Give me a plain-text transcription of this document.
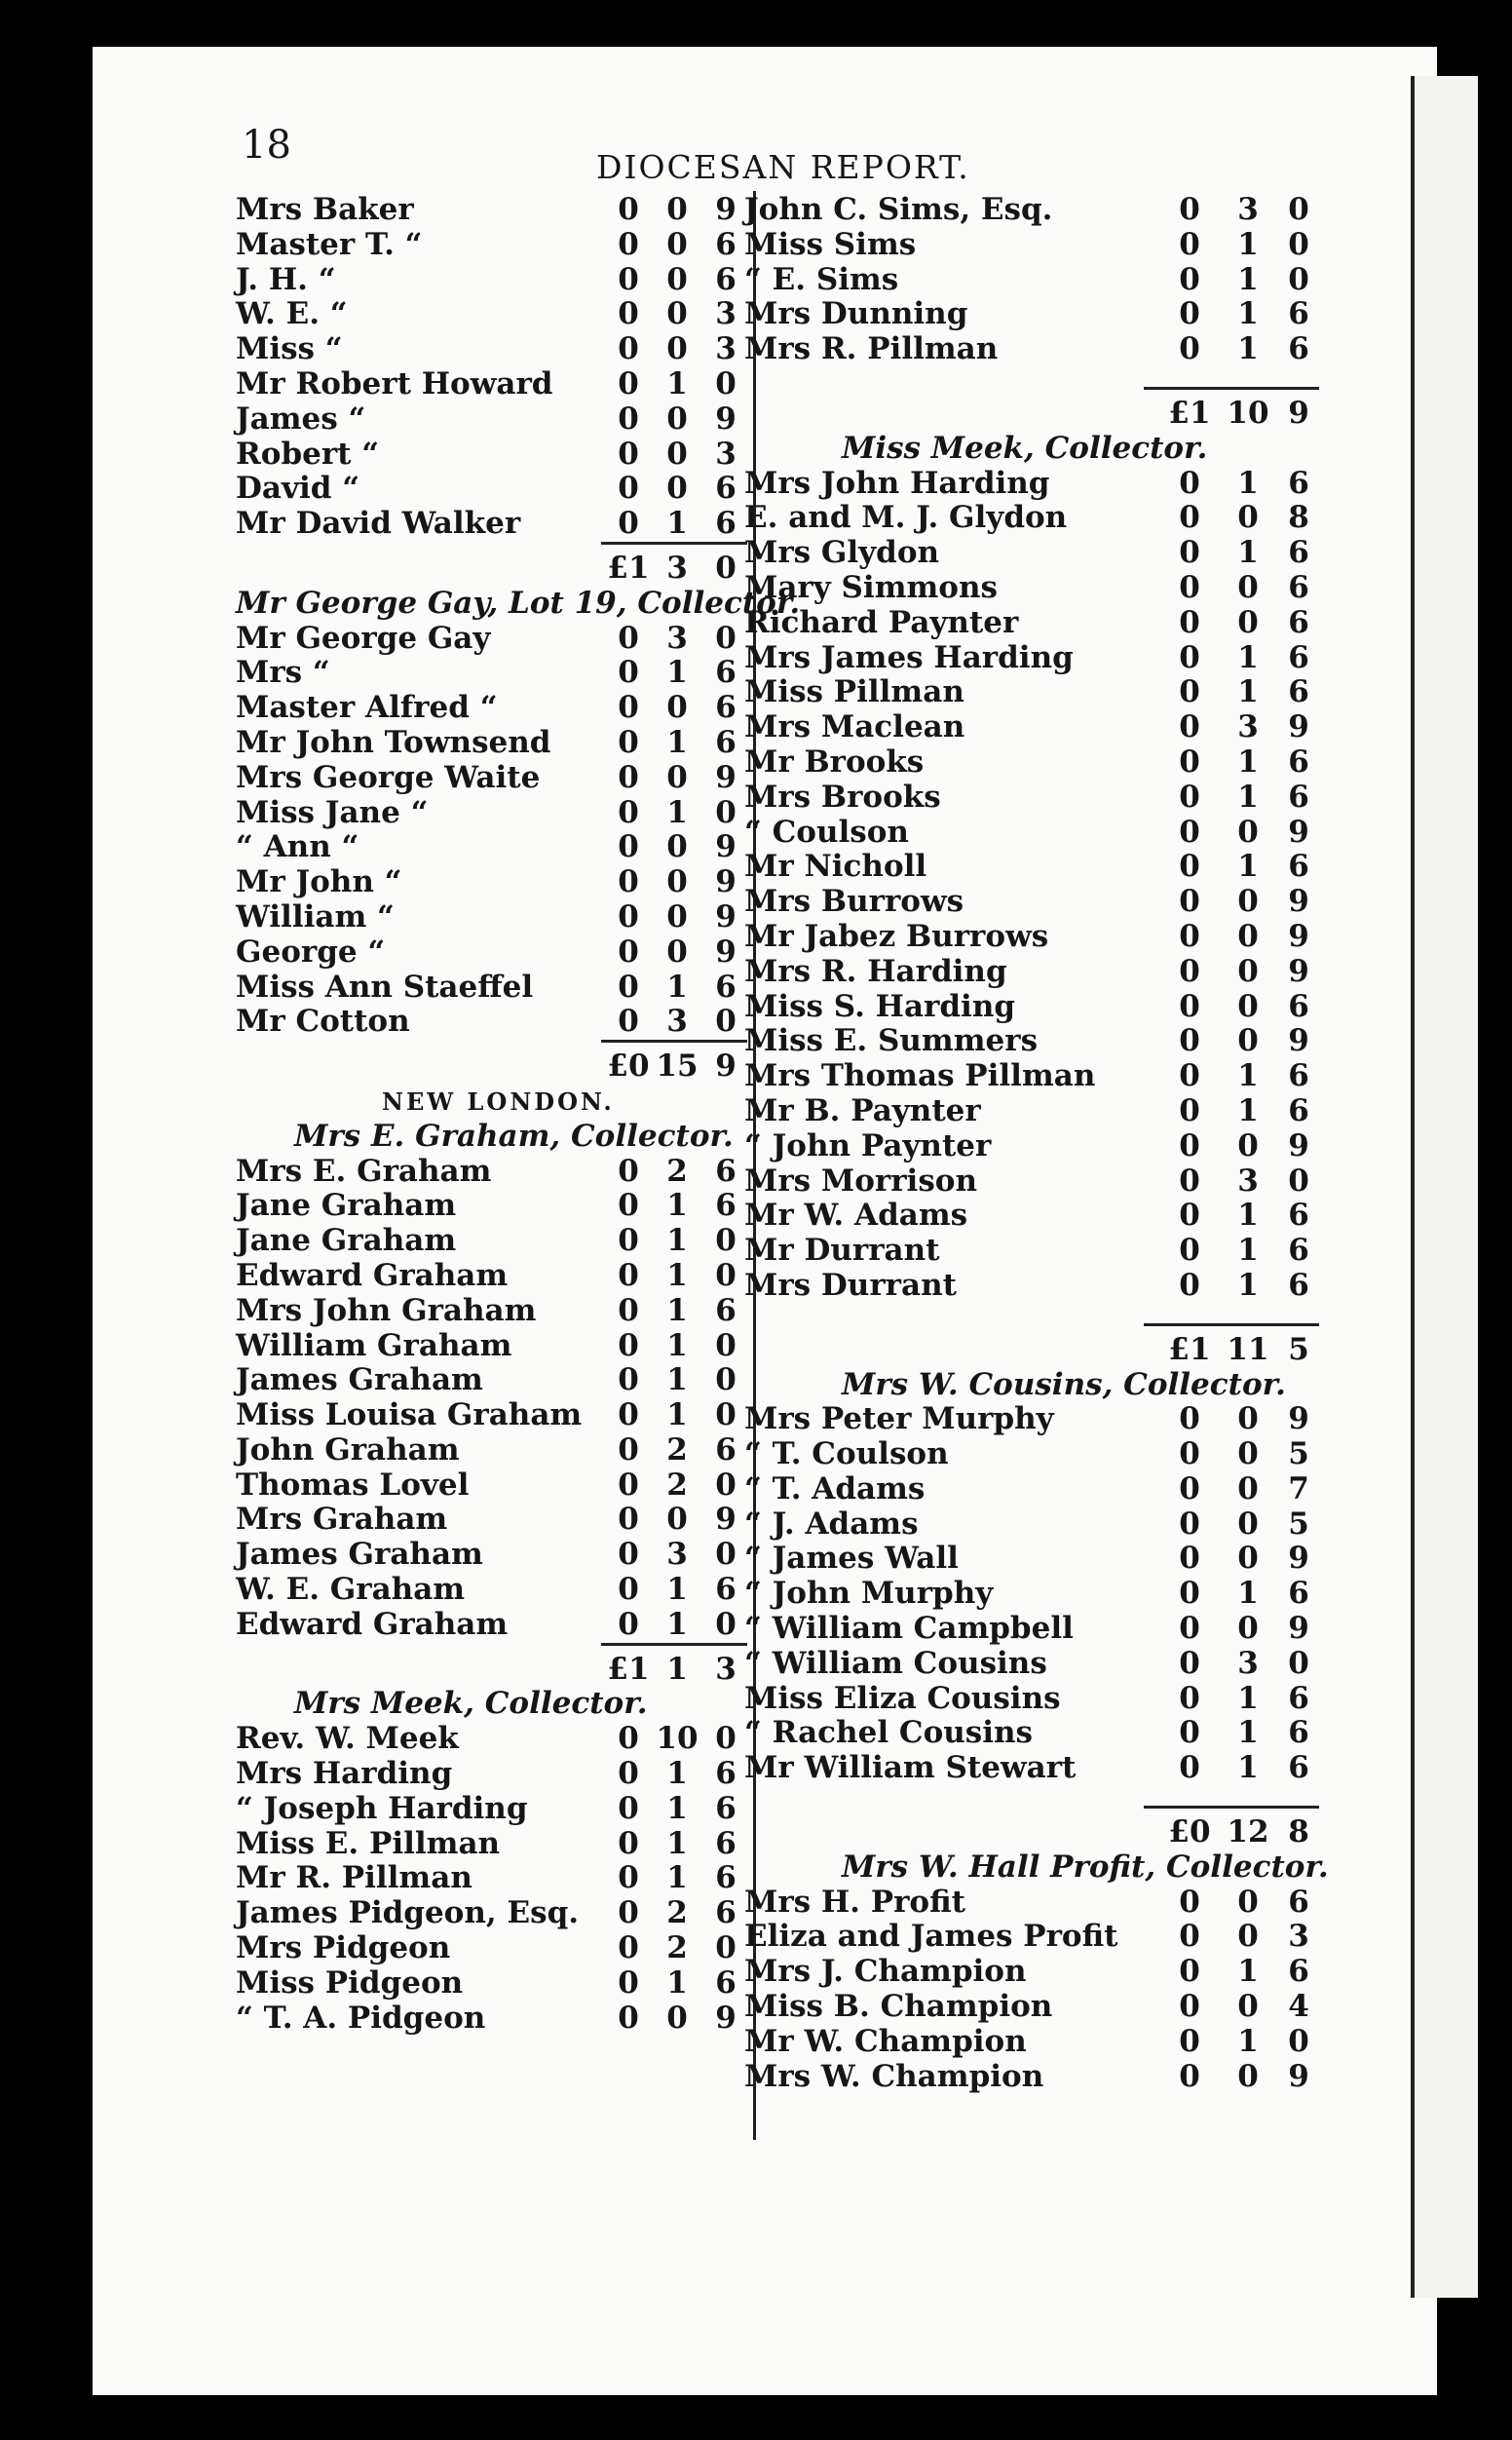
18	DIOCESAN REPORT.
Mrs Baker	0 0 9
Master T. “	0 0 6
J. H. “	0 0 6
W. E. “	0 0 3
Miss “	0 0 3
Mr Robert Howard	0 1 0
James “	0 0 9
Robert “	0 0 3
David “	0 0 6
Mr David Walker	0 1 6
£1 3 0
Mr George Gay, Lot 19, Collector.
Mr George Gay	0 3 0
Mrs “	0 1 6
Master Alfred “	0 0 6
Mr John Townsend	0 1 6
Mrs George Waite	0 0 9
Miss Jane “	0 1 0
“ Ann “	0 0 9
Mr John “	0 0 9
William “	0 0 9
George “	0 0 9
Miss Ann Staeffel	0 1 6
Mr Cotton	0 3 0
£0 15 9
NEW LONDON.
Mrs E. Graham, Collector.
Mrs E. Graham	0 2 6
Jane Graham	0 1 6
Jane Graham	0 1 0
Edward Graham	0 1 0
Mrs John Graham	0 1 6
William Graham	0 1 0
James Graham	0 1 0
Miss Louisa Graham	0 1 0
John Graham	0 2 6
Thomas Lovel	0 2 0
Mrs Graham	0 0 9
James Graham	0 3 0
W. E. Graham	0 1 6
Edward Graham	0 1 0
£1 1 3
Mrs Meek, Collector.
Rev. W. Meek	0 10 0
Mrs Harding	0 1 6
“ Joseph Harding	0 1 6
Miss E. Pillman	0 1 6
Mr R. Pillman	0 1 6
James Pidgeon, Esq.	0 2 6
Mrs Pidgeon	0 2 0
Miss Pidgeon	0 1 6
“ T. A. Pidgeon	0 0 9
John C. Sims, Esq.	0	3 0
Miss Sims	0	1 0
“ E. Sims	0	1 0
Mrs Dunning	0	1 6
Mrs R. Pillman	0	1 6
£1 10 9
Miss Meek, Collector.
Mrs John Harding	0	1 6
E. and M. J. Glydon	0	0 8
Mrs Glydon	0	1 6
Mary Simmons	0	0 6
Richard Paynter	0	0 6
Mrs James Harding	0	1 6
Miss Pillman	0	1 6
Mrs Maclean	0	3 9
Mr Brooks	0	1 6
Mrs Brooks	0	1 6
“ Coulson	0	0 9
Mr Nicholl	0	1 6
Mrs Burrows	0	0 9
Mr Jabez Burrows	0	0 9
Mrs R. Harding	0	0 9
Miss S. Harding	0	0 6
Miss E. Summers	0	0 9
Mrs Thomas Pillman	0	1 6
Mr B. Paynter	0	1 6
“ John Paynter	0	0 9
Mrs Morrison	0	3 0
Mr W. Adams	0	1 6
Mr Durrant	0	1 6
Mrs Durrant	0	1 6
£1 11 5
Mrs W. Cousins, Collector.
Mrs Peter Murphy	0	0 9
“ T. Coulson	0	0 5
“ T. Adams	0	0 7
“ J. Adams	0	0 5
“ James Wall	0	0 9
“ John Murphy	0	1 6
“ William Campbell	0	0 9
“ William Cousins	0	3 0
Miss Eliza Cousins	0	1 6
“ Rachel Cousins	0	1 6
Mr William Stewart	0	1 6
£0 12 8
Mrs W. Hall Profit, Collector.
Mrs H. Profit	0	0 6
Eliza and James Profit	0	0 3
Mrs J. Champion	0	1 6
Miss B. Champion	0	0 4
Mr W. Champion	0	1 0
Mrs W. Champion	0	0 9
